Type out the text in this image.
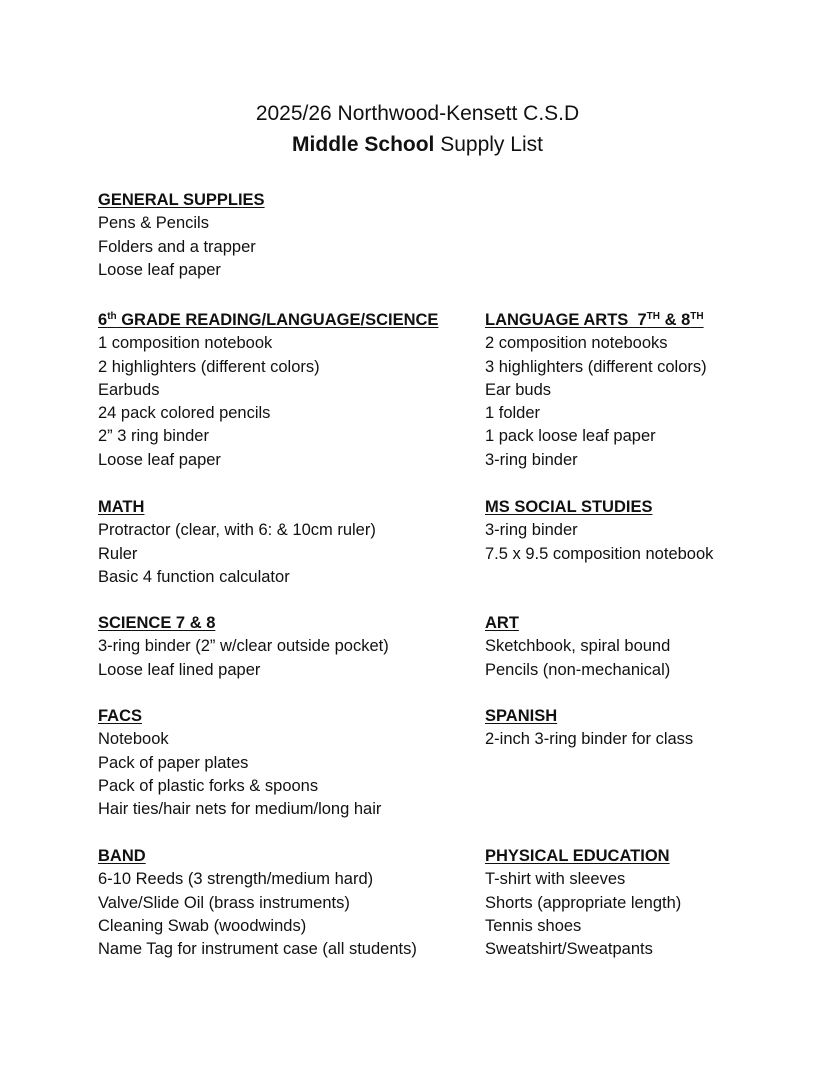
2025/26 Northwood-Kensett C.S.D
Middle School Supply List
GENERAL SUPPLIES
Pens & Pencils
Folders and a trapper
Loose leaf paper
6th GRADE READING/LANGUAGE/SCIENCE
1 composition notebook
2 highlighters (different colors)
Earbuds
24 pack colored pencils
2” 3 ring binder
Loose leaf paper
LANGUAGE ARTS  7TH & 8TH
2 composition notebooks
3 highlighters (different colors)
Ear buds
1 folder
1 pack loose leaf paper
3-ring binder
MATH
Protractor (clear, with 6: & 10cm ruler)
Ruler
Basic 4 function calculator
MS SOCIAL STUDIES
3-ring binder
7.5 x 9.5 composition notebook
SCIENCE 7 & 8
3-ring binder (2” w/clear outside pocket)
Loose leaf lined paper
ART
Sketchbook, spiral bound
Pencils (non-mechanical)
FACS
Notebook
Pack of paper plates
Pack of plastic forks & spoons
Hair ties/hair nets for medium/long hair
SPANISH
2-inch 3-ring binder for class
BAND
6-10 Reeds (3 strength/medium hard)
Valve/Slide Oil (brass instruments)
Cleaning Swab (woodwinds)
Name Tag for instrument case (all students)
PHYSICAL EDUCATION
T-shirt with sleeves
Shorts (appropriate length)
Tennis shoes
Sweatshirt/Sweatpants
